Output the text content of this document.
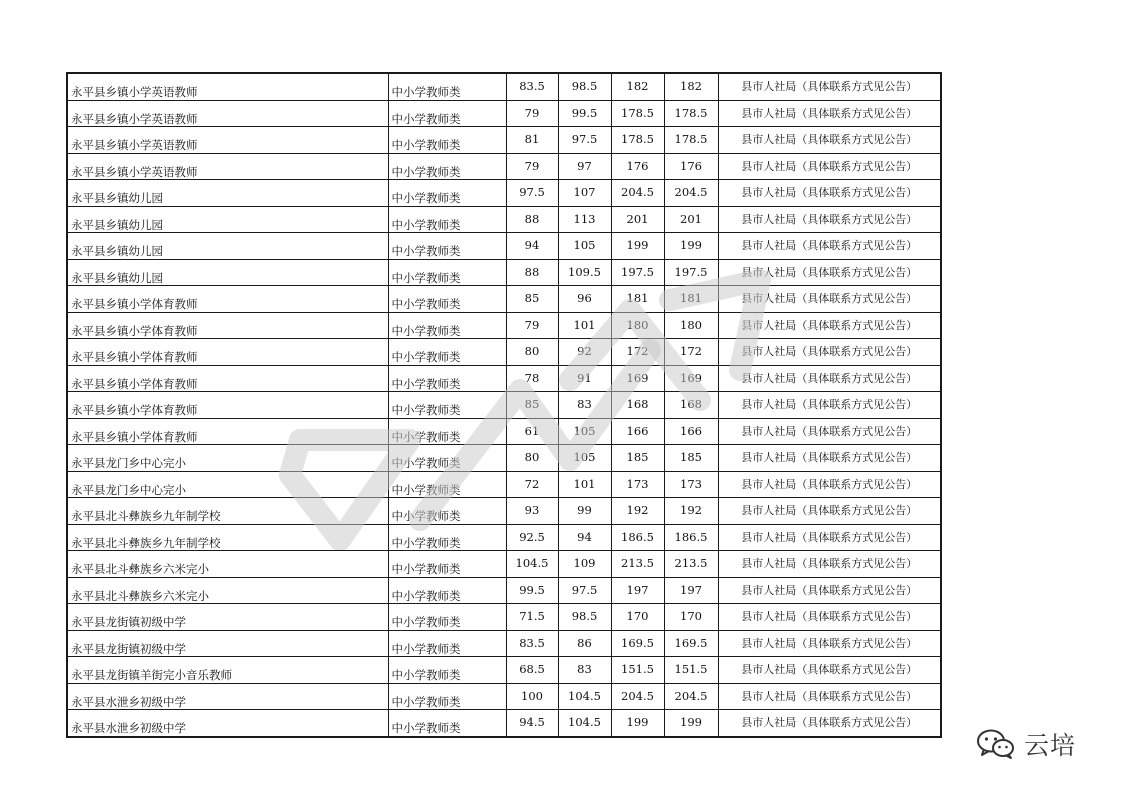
永平县乡镇小学英语教师	中小学教师类	83.5	98.5	182	182	县市人社局（具体联系方式见公告）
永平县乡镇小学英语教师	中小学教师类	79	99.5	178.5	178.5	县市人社局（具体联系方式见公告）
永平县乡镇小学英语教师	中小学教师类	81	97.5	178.5	178.5	县市人社局（具体联系方式见公告）
永平县乡镇小学英语教师	中小学教师类	79	97	176	176	县市人社局（具体联系方式见公告）
永平县乡镇幼儿园	中小学教师类	97.5	107	204.5	204.5	县市人社局（具体联系方式见公告）
永平县乡镇幼儿园	中小学教师类	88	113	201	201	县市人社局（具体联系方式见公告）
永平县乡镇幼儿园	中小学教师类	94	105	199	199	县市人社局（具体联系方式见公告）
永平县乡镇幼儿园	中小学教师类	88	109.5	197.5	197.5	县市人社局（具体联系方式见公告）
永平县乡镇小学体育教师	中小学教师类	85	96	181	181	县市人社局（具体联系方式见公告）
永平县乡镇小学体育教师	中小学教师类	79	101	180	180	县市人社局（具体联系方式见公告）
永平县乡镇小学体育教师	中小学教师类	80	92	172	172	县市人社局（具体联系方式见公告）
永平县乡镇小学体育教师	中小学教师类	78	91	169	169	县市人社局（具体联系方式见公告）
永平县乡镇小学体育教师	中小学教师类	85	83	168	168	县市人社局（具体联系方式见公告）
永平县乡镇小学体育教师	中小学教师类	61	105	166	166	县市人社局（具体联系方式见公告）
永平县龙门乡中心完小	中小学教师类	80	105	185	185	县市人社局（具体联系方式见公告）
永平县龙门乡中心完小	中小学教师类	72	101	173	173	县市人社局（具体联系方式见公告）
永平县北斗彝族乡九年制学校	中小学教师类	93	99	192	192	县市人社局（具体联系方式见公告）
永平县北斗彝族乡九年制学校	中小学教师类	92.5	94	186.5	186.5	县市人社局（具体联系方式见公告）
永平县北斗彝族乡六米完小	中小学教师类	104.5	109	213.5	213.5	县市人社局（具体联系方式见公告）
永平县北斗彝族乡六米完小	中小学教师类	99.5	97.5	197	197	县市人社局（具体联系方式见公告）
永平县龙街镇初级中学	中小学教师类	71.5	98.5	170	170	县市人社局（具体联系方式见公告）
永平县龙街镇初级中学	中小学教师类	83.5	86	169.5	169.5	县市人社局（具体联系方式见公告）
永平县龙街镇羊街完小音乐教师	中小学教师类	68.5	83	151.5	151.5	县市人社局（具体联系方式见公告）
永平县水泄乡初级中学	中小学教师类	100	104.5	204.5	204.5	县市人社局（具体联系方式见公告）
永平县水泄乡初级中学	中小学教师类	94.5	104.5	199	199	县市人社局（具体联系方式见公告）
云培
